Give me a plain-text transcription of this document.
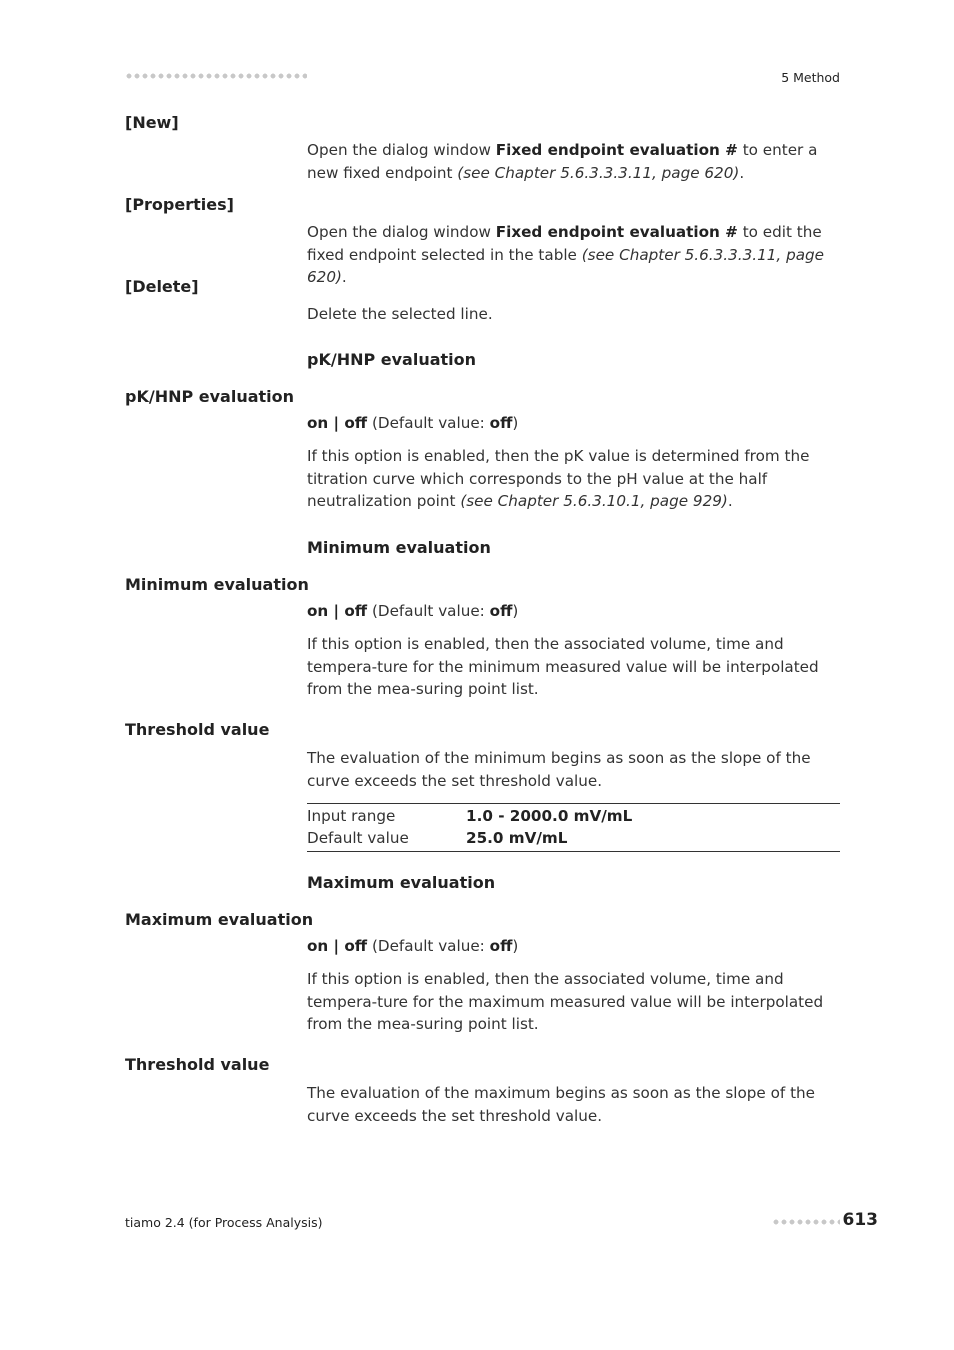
5 Method
[New]
Open the dialog window Fixed endpoint evaluation # to enter a new fixed endpoint (see Chapter 5.6.3.3.3.11, page 620).
[Properties]
Open the dialog window Fixed endpoint evaluation # to edit the fixed endpoint selected in the table (see Chapter 5.6.3.3.3.11, page 620).
[Delete]
Delete the selected line.
pK/HNP evaluation
pK/HNP evaluation
on | off (Default value: off)
If this option is enabled, then the pK value is determined from the titration curve which corresponds to the pH value at the half neutralization point (see Chapter 5.6.3.10.1, page 929).
Minimum evaluation
Minimum evaluation
on | off (Default value: off)
If this option is enabled, then the associated volume, time and tempera-ture for the minimum measured value will be interpolated from the mea-suring point list.
Threshold value
The evaluation of the minimum begins as soon as the slope of the curve exceeds the set threshold value.
Input range	1.0 - 2000.0 mV/mL
Default value	25.0 mV/mL
Maximum evaluation
Maximum evaluation
on | off (Default value: off)
If this option is enabled, then the associated volume, time and tempera-ture for the maximum measured value will be interpolated from the mea-suring point list.
Threshold value
The evaluation of the maximum begins as soon as the slope of the curve exceeds the set threshold value.
tiamo 2.4 (for Process Analysis)	613
